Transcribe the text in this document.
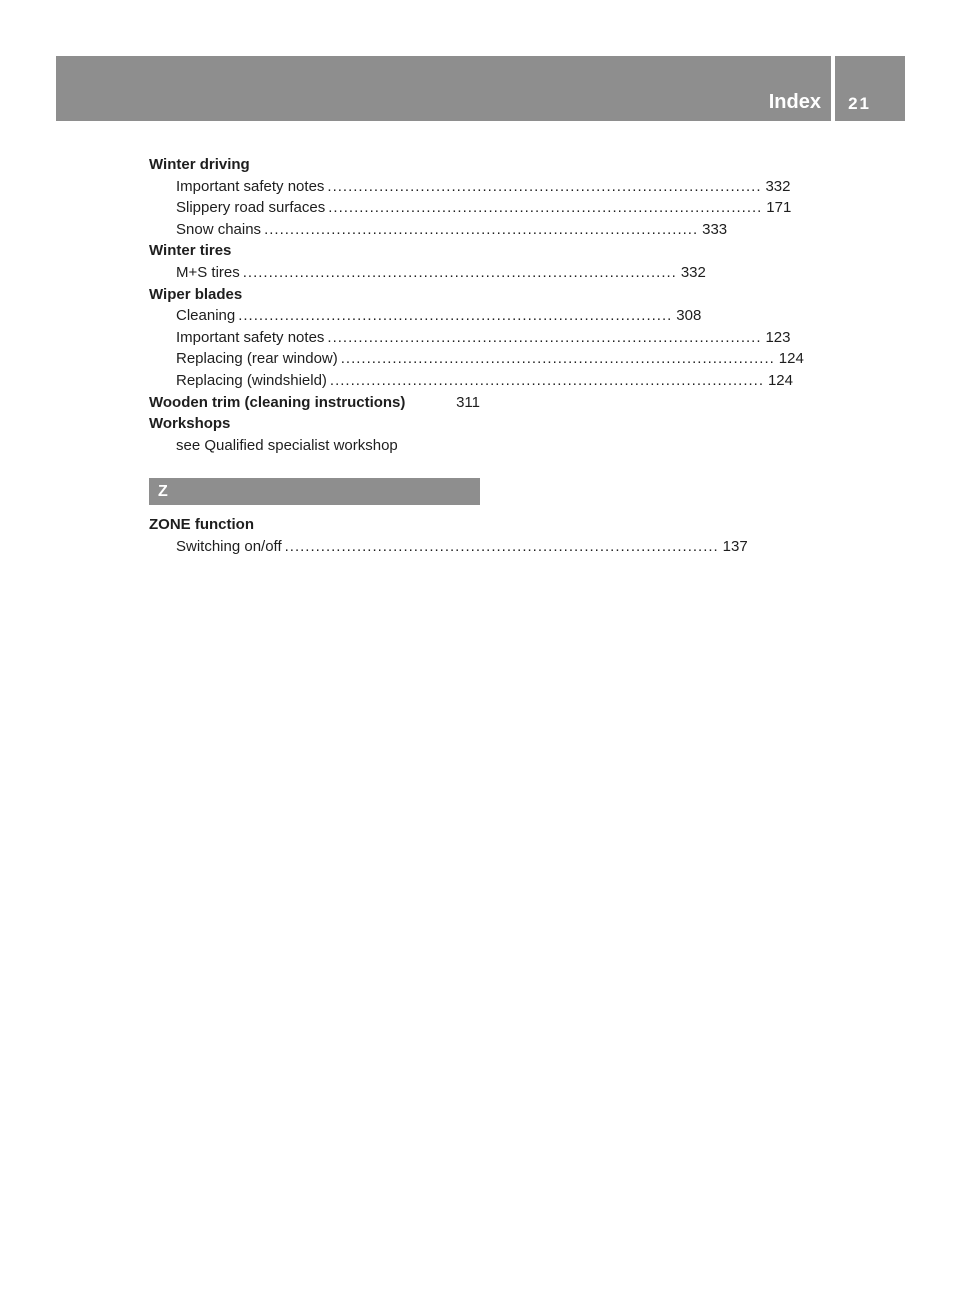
Index 21
Winter driving
Important safety notes .................................................................................... 332
Slippery road surfaces .................................................................................... 171
Snow chains .................................................................................... 333
Winter tires
M+S tires .................................................................................... 332
Wiper blades
Cleaning .................................................................................... 308
Important safety notes .................................................................................... 123
Replacing (rear window) .................................................................................... 124
Replacing (windshield) .................................................................................... 124
Wooden trim (cleaning instructions)	311
Workshops
see Qualified specialist workshop
Z
ZONE function
Switching on/off .................................................................................... 137
